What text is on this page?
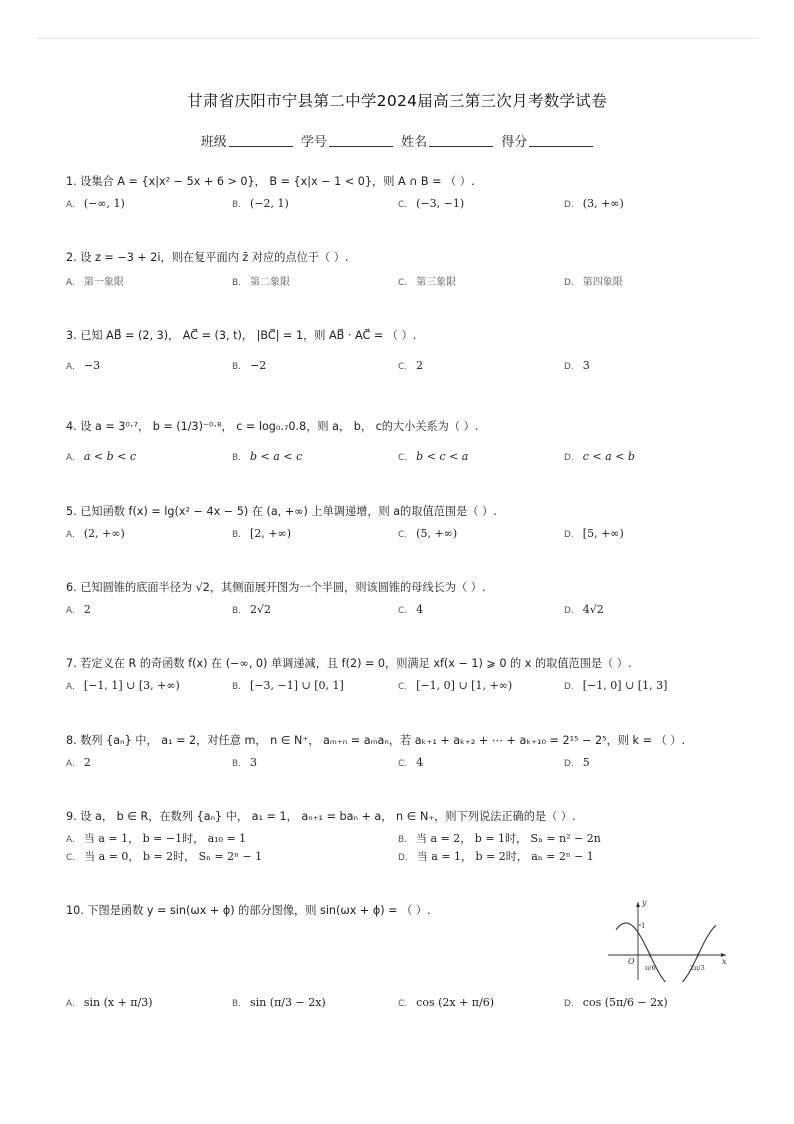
甘肃省庆阳市宁县第二中学2024届高三第三次月考数学试卷
班级	学号	姓名	得分
1. 设集合 A = {x|x² − 5x + 6 > 0}， B = {x|x − 1 < 0}，则 A ∩ B = （ ）.
A. (−∞, 1)	B. (−2, 1)	C. (−3, −1)	D. (3, +∞)
2. 设 z = −3 + 2i，则在复平面内 z̄ 对应的点位于（ ）.
A. 第一象限	B. 第二象限	C. 第三象限	D. 第四象限
3. 已知 AB⃗ = (2, 3)， AC⃗ = (3, t)， |BC⃗| = 1，则 AB⃗ · AC⃗ = （ ）.
A. −3	B. −2	C. 2	D. 3
4. 设 a = 3⁰·⁷， b = (1/3)⁻⁰·⁸， c = log₀.₇0.8，则 a， b， c的大小关系为（ ）.
A. a < b < c	B. b < a < c	C. b < c < a	D. c < a < b
5. 已知函数 f(x) = lg(x² − 4x − 5) 在 (a, +∞) 上单调递增，则 a的取值范围是（ ）.
A. (2, +∞)	B. [2, +∞)	C. (5, +∞)	D. [5, +∞)
6. 已知圆锥的底面半径为 √2，其侧面展开图为一个半圆，则该圆锥的母线长为（ ）.
A. 2	B. 2√2	C. 4	D. 4√2
7. 若定义在 R 的奇函数 f(x) 在 (−∞, 0) 单调递减，且 f(2) = 0，则满足 xf(x − 1) ⩾ 0 的 x 的取值范围是（ ）.
A. [−1, 1] ∪ [3, +∞)	B. [−3, −1] ∪ [0, 1]	C. [−1, 0] ∪ [1, +∞)	D. [−1, 0] ∪ [1, 3]
8. 数列 {aₙ} 中， a₁ = 2，对任意 m， n ∈ N⁺， aₘ₊ₙ = aₘaₙ，若 aₖ₊₁ + aₖ₊₂ + ⋯ + aₖ₊₁₀ = 2¹⁵ − 2⁵，则 k = （ ）.
A. 2	B. 3	C. 4	D. 5
9. 设 a， b ∈ R，在数列 {aₙ} 中， a₁ = 1， aₙ₊₁ = baₙ + a， n ∈ N₊，则下列说法正确的是（ ）.
A. 当 a = 1， b = −1时， a₁₀ = 1	B. 当 a = 2， b = 1时， Sₙ = n² − 2n
C. 当 a = 0， b = 2时， Sₙ = 2ⁿ − 1	D. 当 a = 1， b = 2时， aₙ = 2ⁿ − 1
10. 下图是函数 y = sin(ωx + ϕ) 的部分图像，则 sin(ωx + ϕ) = （ ）.
A. sin (x + π/3)	B. sin (π/3 − 2x)	C. cos (2x + π/6)	D. cos (5π/6 − 2x)
y
x
O
1
π/6	2π/3
